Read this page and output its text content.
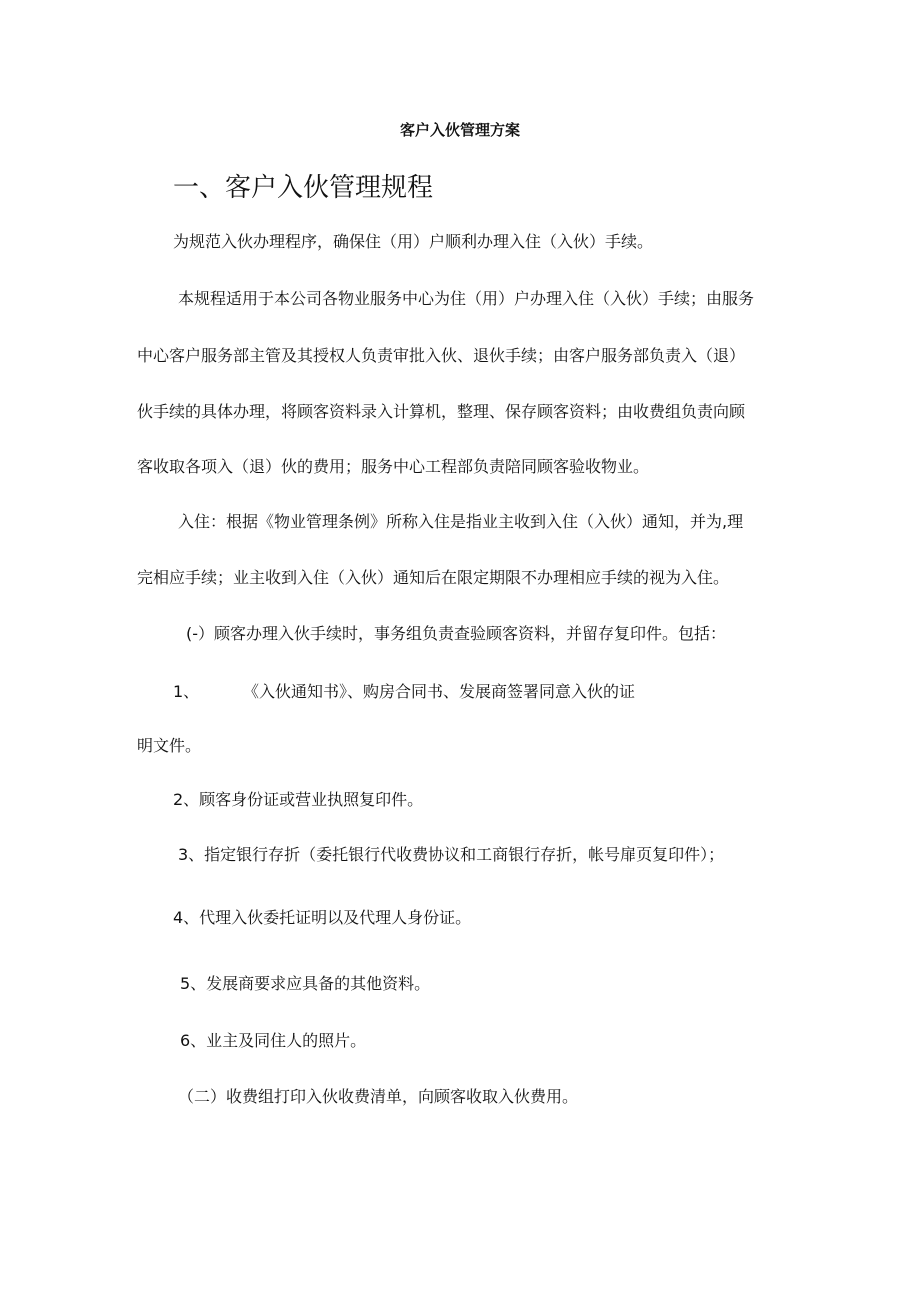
客户入伙管理方案
一、客户入伙管理规程
为规范入伙办理程序，确保住（用）户顺利办理入住（入伙）手续。
本规程适用于本公司各物业服务中心为住（用）户办理入住（入伙）手续；由服务
中心客户服务部主管及其授权人负责审批入伙、退伙手续；由客户服务部负责入（退）
伙手续的具体办理，将顾客资料录入计算机，整理、保存顾客资料；由收费组负责向顾
客收取各项入（退）伙的费用；服务中心工程部负责陪同顾客验收物业。
入住：根据《物业管理条例》所称入住是指业主收到入住（入伙）通知，并为,理
完相应手续；业主收到入住（入伙）通知后在限定期限不办理相应手续的视为入住。
(-）顾客办理入伙手续时，事务组负责查验顾客资料，并留存复印件。包括：
1、	《入伙通知书》、购房合同书、发展商签署同意入伙的证
明文件。
2、顾客身份证或营业执照复印件。
3、指定银行存折（委托银行代收费协议和工商银行存折，帐号扉页复印件）；
4、代理入伙委托证明以及代理人身份证。
5、发展商要求应具备的其他资料。
6、业主及同住人的照片。
（二）收费组打印入伙收费清单，向顾客收取入伙费用。
